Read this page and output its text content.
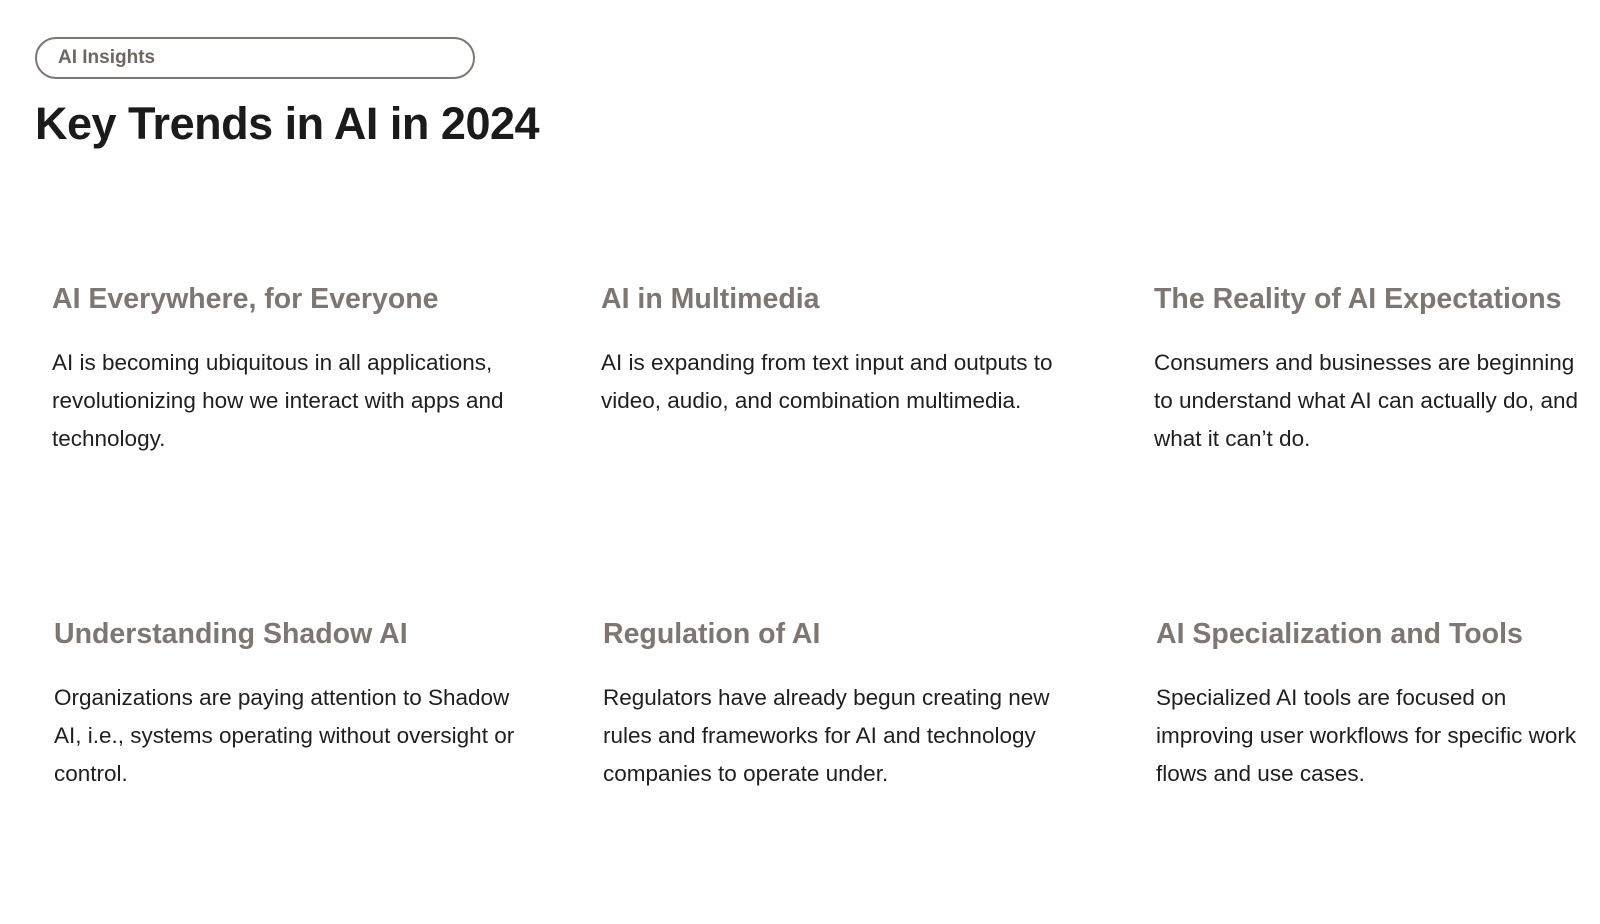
AI Insights
Key Trends in AI in 2024
AI Everywhere, for Everyone

AI is becoming ubiquitous in all applications, revolutionizing how we interact with apps and technology.

AI in Multimedia

AI is expanding from text input and outputs to video, audio, and combination multimedia.

The Reality of AI Expectations

Consumers and businesses are beginning to understand what AI can actually do, and what it can’t do.

Understanding Shadow AI

Organizations are paying attention to Shadow AI, i.e., systems operating without oversight or control.

Regulation of AI

Regulators have already begun creating new rules and frameworks for AI and technology companies to operate under.

AI Specialization and Tools

Specialized AI tools are focused on improving user workflows for specific work flows and use cases.
